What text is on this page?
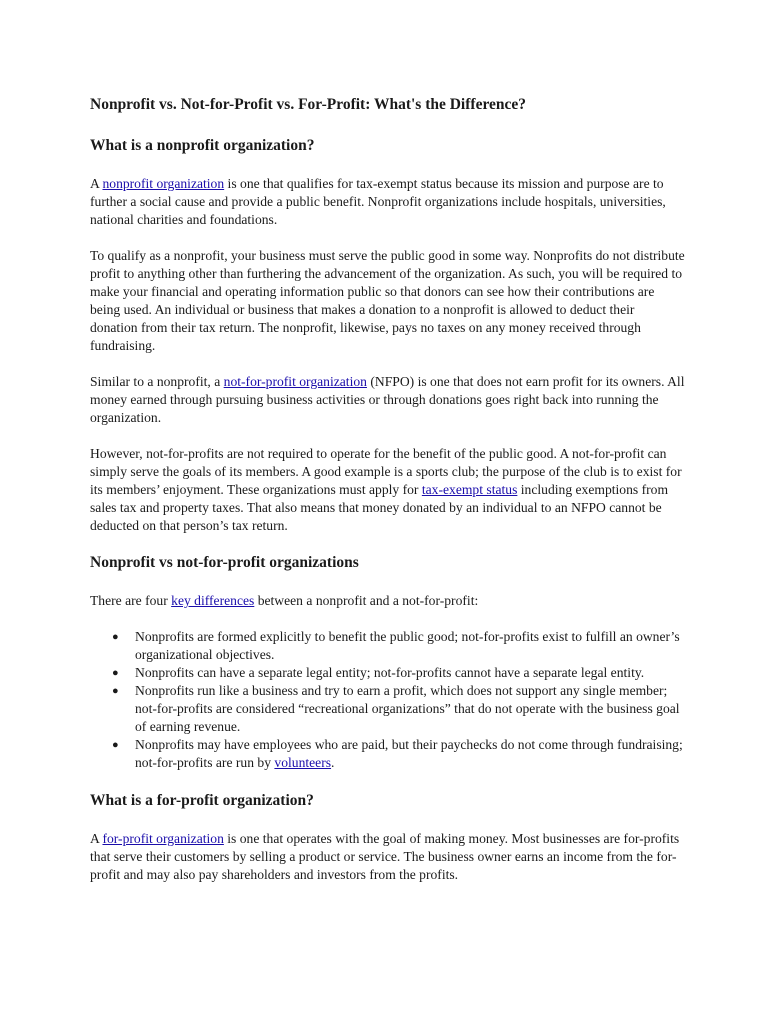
Nonprofit vs. Not-for-Profit vs. For-Profit: What's the Difference?
What is a nonprofit organization?

A nonprofit organization is one that qualifies for tax-exempt status because its mission and purpose are to further a social cause and provide a public benefit. Nonprofit organizations include hospitals, universities, national charities and foundations.

To qualify as a nonprofit, your business must serve the public good in some way. Nonprofits do not distribute profit to anything other than furthering the advancement of the organization. As such, you will be required to make your financial and operating information public so that donors can see how their contributions are being used. An individual or business that makes a donation to a nonprofit is allowed to deduct their donation from their tax return. The nonprofit, likewise, pays no taxes on any money received through fundraising.

Similar to a nonprofit, a not-for-profit organization (NFPO) is one that does not earn profit for its owners. All money earned through pursuing business activities or through donations goes right back into running the organization.

However, not-for-profits are not required to operate for the benefit of the public good. A not-for-profit can simply serve the goals of its members. A good example is a sports club; the purpose of the club is to exist for its members’ enjoyment. These organizations must apply for tax-exempt status including exemptions from sales tax and property taxes. That also means that money donated by an individual to an NFPO cannot be deducted on that person’s tax return.

Nonprofit vs not-for-profit organizations

There are four key differences between a nonprofit and a not-for-profit:

● Nonprofits are formed explicitly to benefit the public good; not-for-profits exist to fulfill an owner’s organizational objectives.
● Nonprofits can have a separate legal entity; not-for-profits cannot have a separate legal entity.
● Nonprofits run like a business and try to earn a profit, which does not support any single member; not-for-profits are considered “recreational organizations” that do not operate with the business goal of earning revenue.
● Nonprofits may have employees who are paid, but their paychecks do not come through fundraising; not-for-profits are run by volunteers.
What is a for-profit organization?

A for-profit organization is one that operates with the goal of making money. Most businesses are for-profits that serve their customers by selling a product or service. The business owner earns an income from the for-profit and may also pay shareholders and investors from the profits.
